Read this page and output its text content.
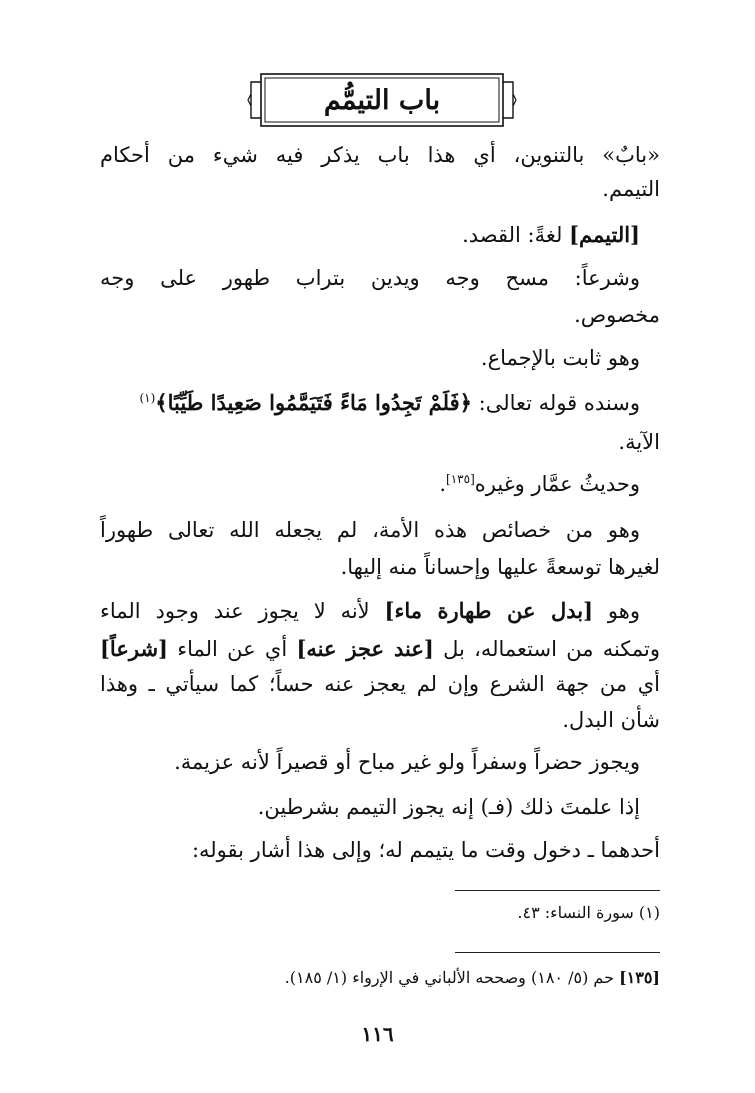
باب التيمُّم
«بابٌ» بالتنوين، أي هذا باب يذكر فيه شيء من أحكام
التيمم.
[التيمم] لغةً: القصد.
وشرعاً: مسح وجه ويدين بتراب طهور على وجه
مخصوص.
وهو ثابت بالإجماع.
وسنده قوله تعالى: ﴿فَلَمْ تَجِدُوا مَاءً فَتَيَمَّمُوا صَعِيدًا طَيِّبًا﴾$^{(١)}$
الآية.
وحديثُ عمَّار وغيره[١٣٥].
وهو من خصائص هذه الأمة، لم يجعله الله تعالى طهوراً
لغيرها توسعةً عليها وإحساناً منه إليها.
وهو [بدل عن طهارة ماء] لأنه لا يجوز عند وجود الماء
وتمكنه من استعماله، بل [عند عجز عنه] أي عن الماء [شرعاً]
أي من جهة الشرع وإن لم يعجز عنه حساً؛ كما سيأتي ـ وهذا
شأن البدل.
ويجوز حضراً وسفراً ولو غير مباح أو قصيراً لأنه عزيمة.
إذا علمتَ ذلك (فـ) إنه يجوز التيمم بشرطين.
أحدهما ـ دخول وقت ما يتيمم له؛ وإلى هذا أشار بقوله:
(١) سورة النساء: ٤٣.
[١٣٥] حم (٥/ ١٨٠) وصححه الألباني في الإرواء (١/ ١٨٥).
١١٦
